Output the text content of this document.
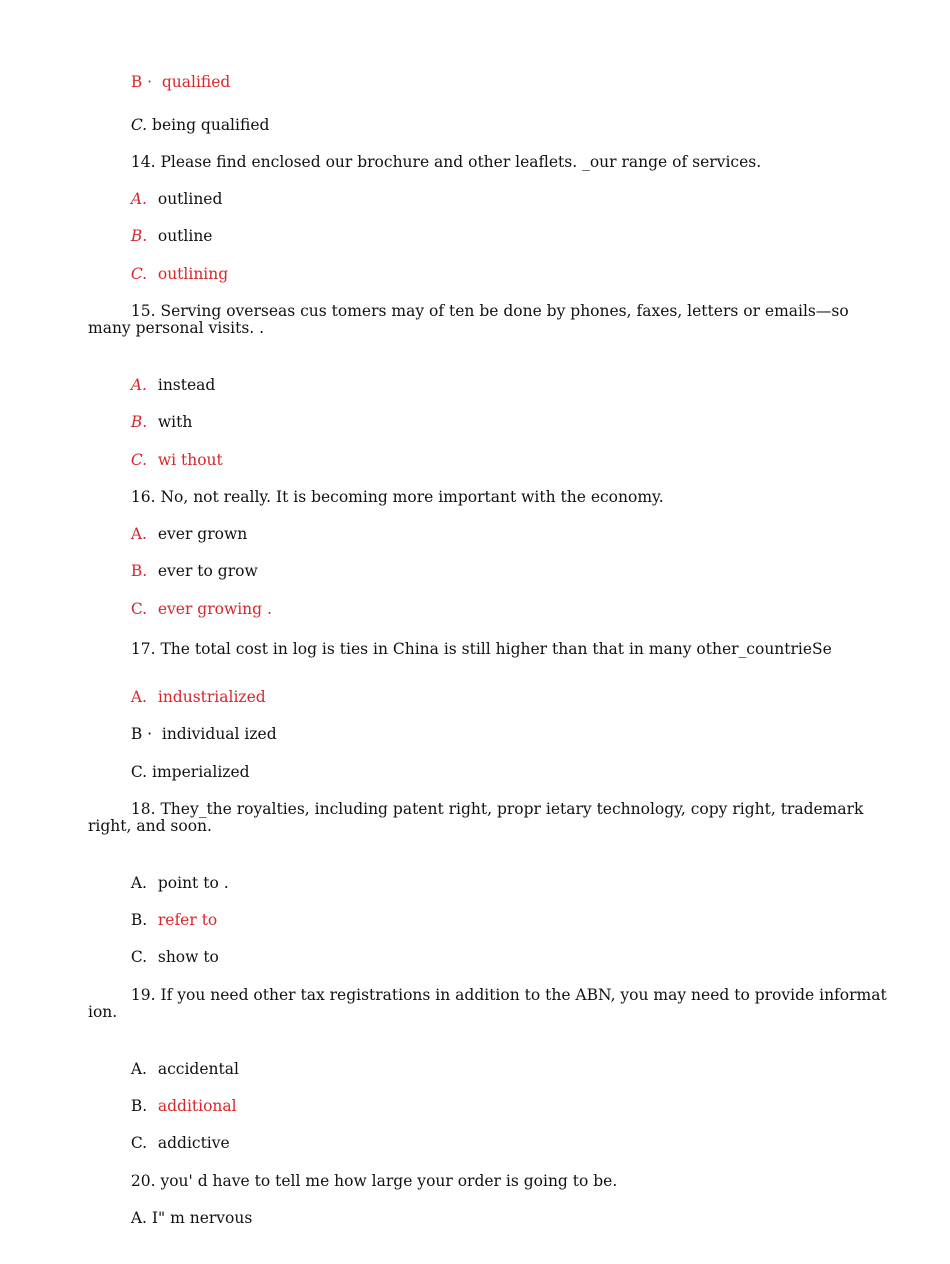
B · qualified

C. being qualified

14. Please find enclosed our brochure and other leaflets. _our range of services.

A. outlined

B. outline

C. outlining

15. Serving overseas cus tomers may of ten be done by phones, faxes, letters or emails—so

many personal visits. .

A. instead

B. with

C. wi thout

16. No, not really. It is becoming more important with the economy.

A. ever grown

B. ever to grow

C. ever growing .

17. The total cost in log is ties in China is still higher than that in many other_countrieSe

A. industrialized

B · individual ized

C. imperialized

18. They_the royalties, including patent right, propr ietary technology, copy right, trademark

right, and soon.

A. point to .

B. refer to

C. show to

19. If you need other tax registrations in addition to the ABN, you may need to provide informat

ion.

A. accidental

B. additional

C. addictive

20. you' d have to tell me how large your order is going to be.

A. I" m nervous
